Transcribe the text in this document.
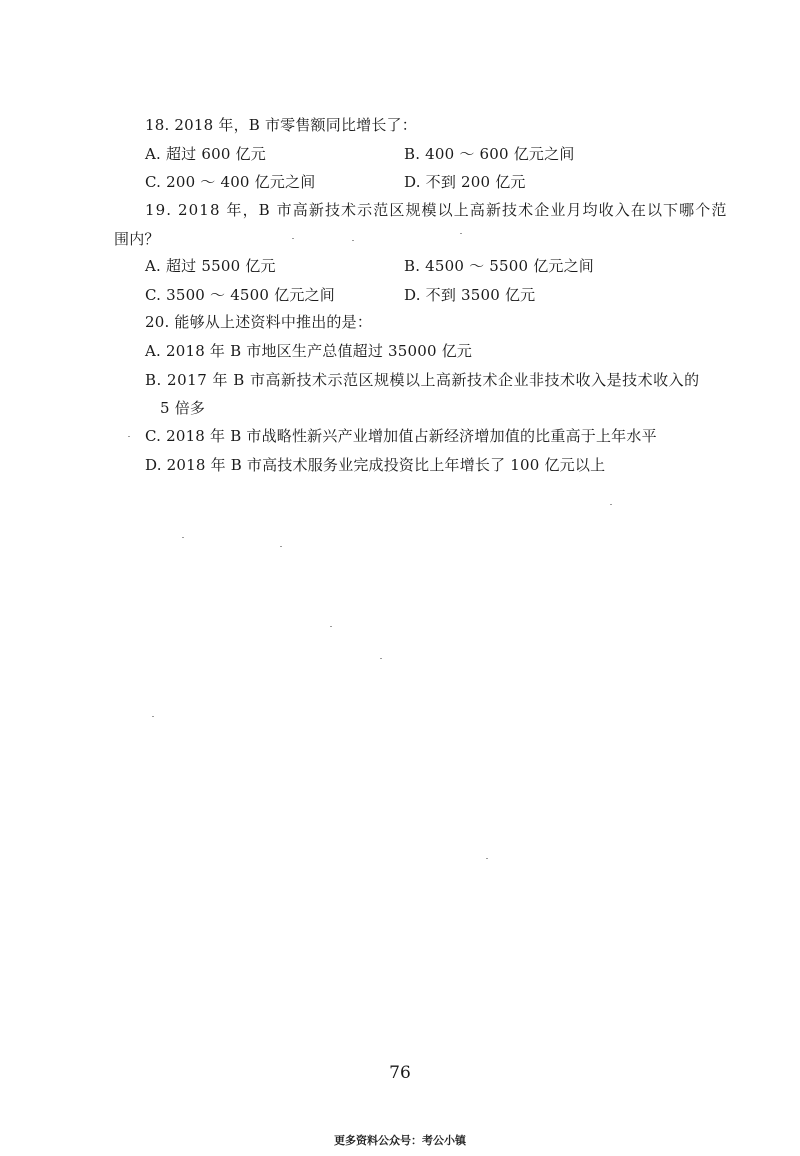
18. 2018 年，B 市零售额同比增长了：
A. 超过 600 亿元	B. 400 ～ 600 亿元之间
C. 200 ～ 400 亿元之间	D. 不到 200 亿元
19. 2018 年，B 市高新技术示范区规模以上高新技术企业月均收入在以下哪个范
围内？
A. 超过 5500 亿元	B. 4500 ～ 5500 亿元之间
C. 3500 ～ 4500 亿元之间	D. 不到 3500 亿元
20. 能够从上述资料中推出的是：
A. 2018 年 B 市地区生产总值超过 35000 亿元
B. 2017 年 B 市高新技术示范区规模以上高新技术企业非技术收入是技术收入的
5 倍多
C. 2018 年 B 市战略性新兴产业增加值占新经济增加值的比重高于上年水平
D. 2018 年 B 市高技术服务业完成投资比上年增长了 100 亿元以上
76
更多资料公众号：考公小镇
